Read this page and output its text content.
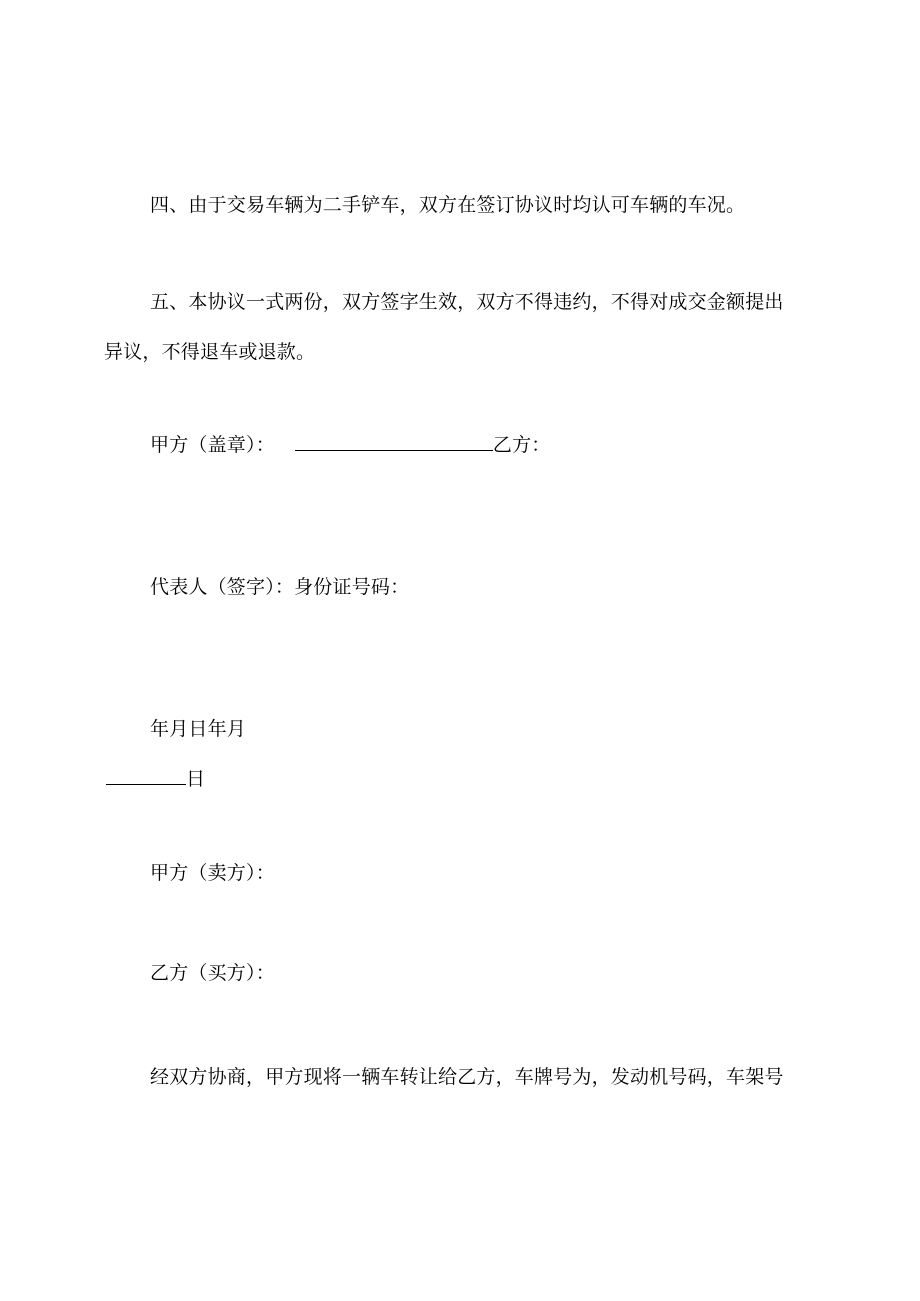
四、由于交易车辆为二手铲车，双方在签订协议时均认可车辆的车况。
五、本协议一式两份，双方签字生效，双方不得违约，不得对成交金额提出
异议，不得退车或退款。
甲方（盖章）：	乙方：
代表人（签字）：身份证号码：
年月日年月
日
甲方（卖方）：
乙方（买方）：
经双方协商，甲方现将一辆车转让给乙方，车牌号为，发动机号码，车架号
